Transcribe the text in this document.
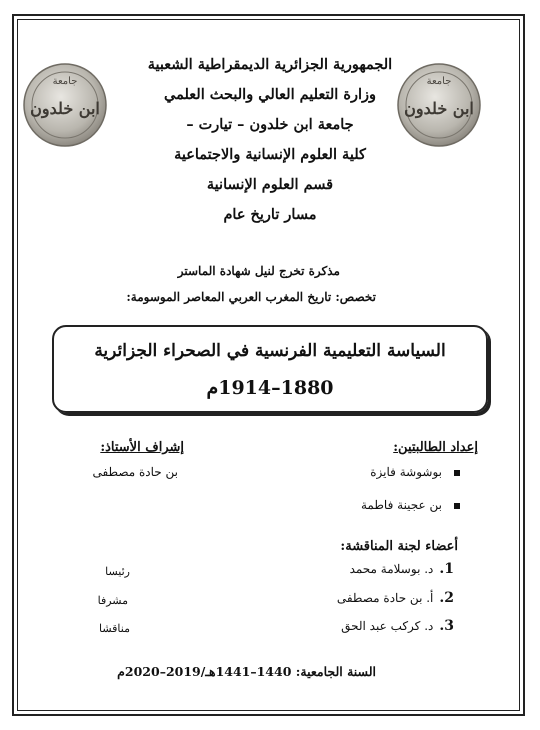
جامعة
ابن خلدون
جامعة
ابن خلدون
الجمهورية الجزائرية الديمقراطية الشعبية
وزارة التعليم العالي والبحث العلمي
جامعة ابن خلدون – تيارت –
كلية العلوم الإنسانية والاجتماعية
قسم العلوم الإنسانية
مسار تاريخ عام
مذكرة تخرج لنيل شهادة الماستر
تخصص: تاريخ المغرب العربي المعاصر الموسومة:
السياسة التعليمية الفرنسية في الصحراء الجزائرية
1880–1914م
إعداد الطالبتين:
بوشوشة فايزة
بن عجينة فاطمة
إشراف الأستاذ:
بن حادة مصطفى
أعضاء لجنة المناقشة:
1.د. بوسلامة محمد
رئيسا
2.أ. بن حادة مصطفى
مشرفا
3.د. كركب عبد الحق
مناقشا
السنة الجامعية: 1440–1441هـ/2019–2020م
